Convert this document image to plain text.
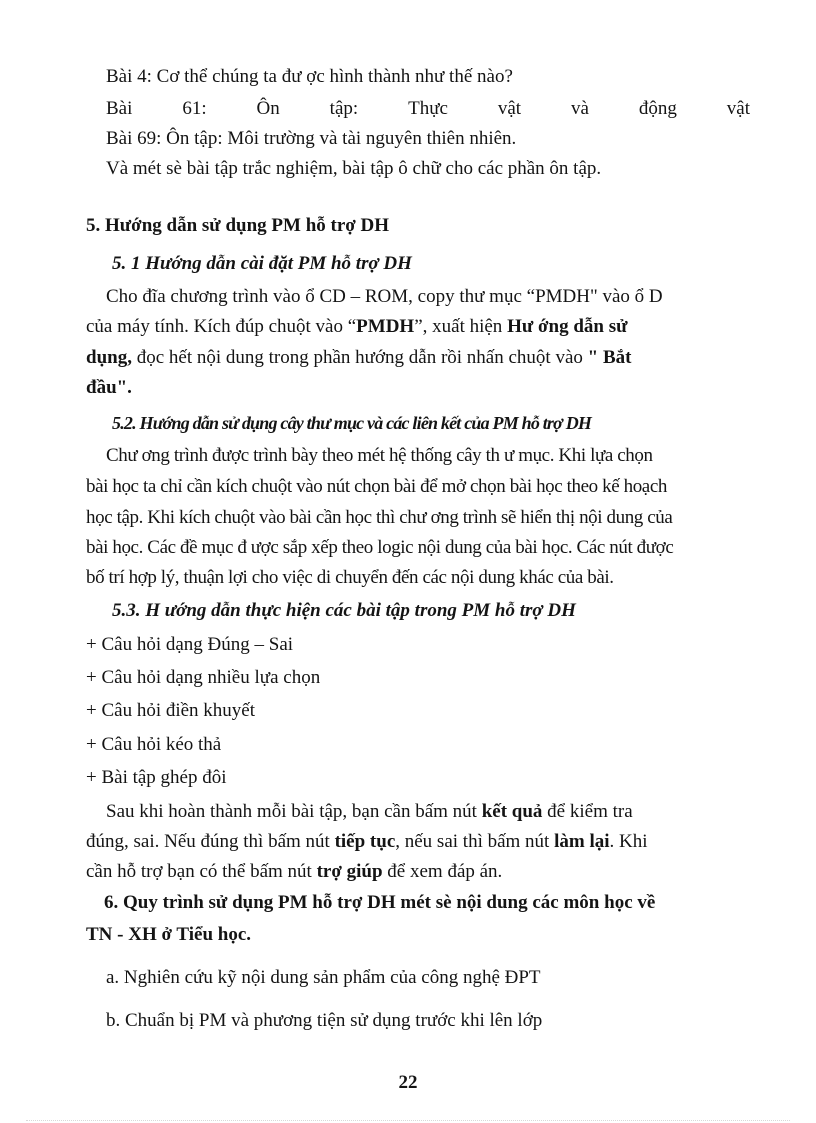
Bài 4: Cơ thể chúng ta đư ợc hình thành như thế nào?
Bài	61:	Ôn	tập:	Thực	vật	và	động	vật
Bài 69: Ôn tập: Môi trường và tài nguyên thiên nhiên.
Và mét sè bài tập trắc nghiệm, bài tập ô chữ cho các phần ôn tập.
5. Hướng dẫn sử dụng PM hỗ trợ DH
5. 1 Hướng dẫn cài đặt PM hỗ trợ DH
Cho đĩa chương trình vào ổ CD – ROM, copy thư mục “PMDH" vào ổ D
của máy tính. Kích đúp chuột vào “PMDH”, xuất hiện Hư ớng dẫn sử
dụng, đọc hết nội dung trong phần hướng dẫn rồi nhấn chuột vào " Bắt
đầu".
5.2. Hướng dẫn sử dụng cây thư mục và các liên kết của PM hỗ trợ DH
Chư ơng trình được trình bày theo mét hệ thống cây th ư mục. Khi lựa chọn
bài học ta chỉ cần kích chuột vào nút chọn bài để mở chọn bài học theo kế hoạch
học tập. Khi kích chuột vào bài cần học thì chư ơng trình sẽ hiển thị nội dung của
bài học. Các đề mục đ ược sắp xếp theo logic nội dung của bài học. Các nút được
bố trí hợp lý, thuận lợi cho việc di chuyển đến các nội dung khác của bài.
5.3. H ướng dẫn thực hiện các bài tập trong PM hỗ trợ DH
+ Câu hỏi dạng Đúng – Sai
+ Câu hỏi dạng nhiều lựa chọn
+ Câu hỏi điền khuyết
+ Câu hỏi kéo thả
+ Bài tập ghép đôi
Sau khi hoàn thành mỗi bài tập, bạn cần bấm nút kết quả để kiểm tra
đúng, sai. Nếu đúng thì bấm nút tiếp tục, nếu sai thì bấm nút làm lại. Khi
cần hỗ trợ bạn có thể bấm nút trợ giúp để xem đáp án.
6. Quy trình sử dụng PM hỗ trợ DH mét sè nội dung các môn học về
TN - XH ở Tiểu học.
a. Nghiên cứu kỹ nội dung sản phẩm của công nghệ ĐPT
b. Chuẩn bị PM và phương tiện sử dụng trước khi lên lớp
22
